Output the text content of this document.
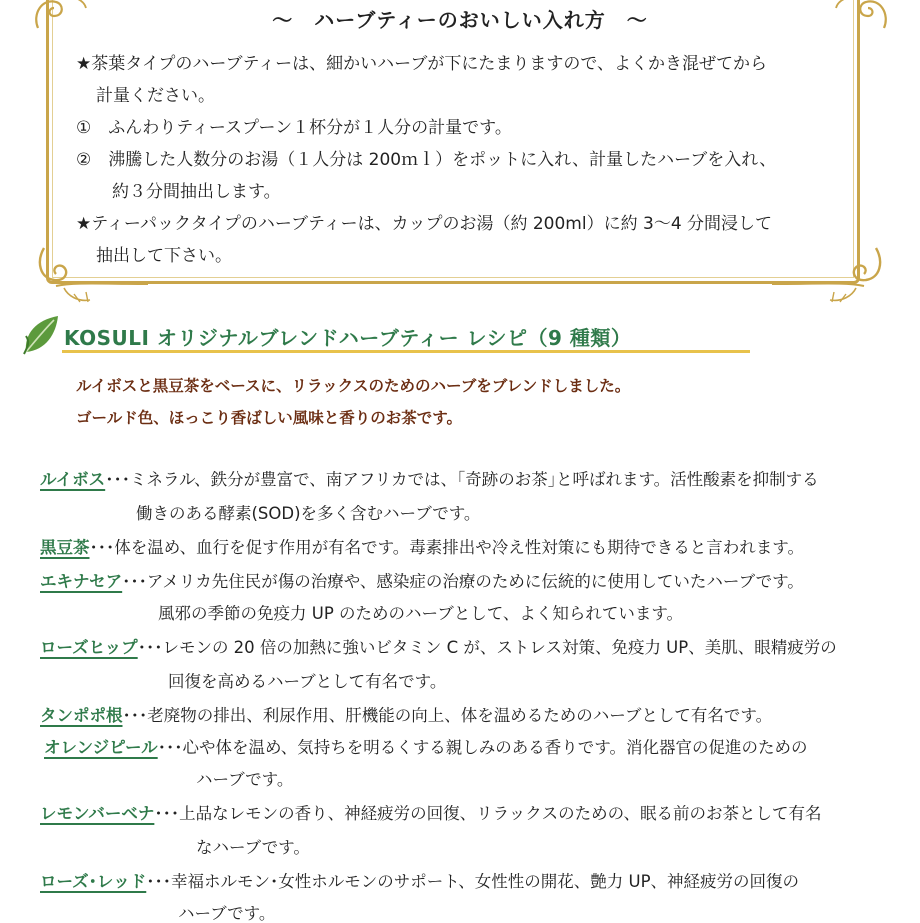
～　ハーブティーのおいしい入れ方　～
★茶葉タイプのハーブティーは、細かいハーブが下にたまりますので、よくかき混ぜてから
計量ください。
①　ふんわりティースプーン１杯分が１人分の計量です。
②　沸騰した人数分のお湯（１人分は 200ｍｌ）をポットに入れ、計量したハーブを入れ、
約３分間抽出します。
★ティーパックタイプのハーブティーは、カップのお湯（約 200ml）に約 3～4 分間浸して
抽出して下さい。
KOSULI オリジナルブレンドハーブティー レシピ（9 種類）
ルイボスと黒豆茶をベースに、リラックスのためのハーブをブレンドしました。
ゴールド色、ほっこり香ばしい風味と香りのお茶です。
ルイボス･･･ミネラル、鉄分が豊富で、南アフリカでは、｢奇跡のお茶｣と呼ばれます。活性酸素を抑制する
働きのある酵素(SOD)を多く含むハーブです。
黒豆茶･･･体を温め、血行を促す作用が有名です。毒素排出や冷え性対策にも期待できると言われます。
エキナセア･･･アメリカ先住民が傷の治療や、感染症の治療のために伝統的に使用していたハーブです。
風邪の季節の免疫力 UP のためのハーブとして、よく知られています。
ローズヒップ･･･レモンの 20 倍の加熱に強いビタミン C が、ストレス対策、免疫力 UP、美肌、眼精疲労の
回復を高めるハーブとして有名です。
タンポポ根･･･老廃物の排出、利尿作用、肝機能の向上、体を温めるためのハーブとして有名です。
オレンジピール･･･心や体を温め、気持ちを明るくする親しみのある香りです。消化器官の促進のための
ハーブです。
レモンバーベナ･･･上品なレモンの香り、神経疲労の回復、リラックスのための、眠る前のお茶として有名
なハーブです。
ローズ･レッド･･･幸福ホルモン･女性ホルモンのサポート、女性性の開花、艶力 UP、神経疲労の回復の
ハーブです。
